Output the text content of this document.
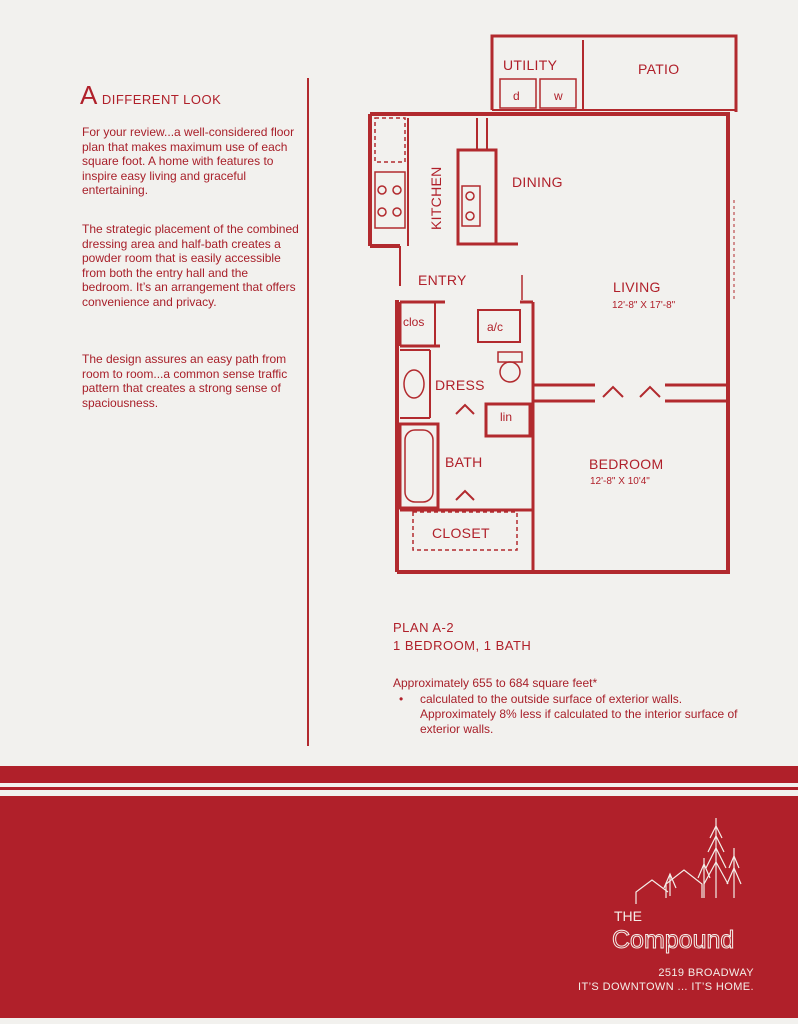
ADIFFERENT LOOK
For your review...a well-considered floor plan that makes maximum use of each square foot. A home with features to inspire easy living and graceful entertaining.
The strategic placement of the combined dressing area and half-bath creates a powder room that is easily accessible from both the entry hall and the bedroom. It’s an arrangement that offers convenience and privacy.
The design assures an easy path from room to room...a common sense traffic pattern that creates a strong sense of spaciousness.
UTILITY	PATIO
d	w
KITCHEN	DINING
ENTRY	LIVING
12'-8" X 17'-8"
clos	a/c
DRESS
lin
BATH	BEDROOM
12'-8" X 10'4"
CLOSET
PLAN A-2
1 BEDROOM, 1 BATH
Approximately 655 to 684 square feet*
• calculated to the outside surface of exterior walls. Approximately 8% less if calculated to the interior surface of exterior walls.
THE
Compound
2519 BROADWAY
IT’S DOWNTOWN ... IT’S HOME.
